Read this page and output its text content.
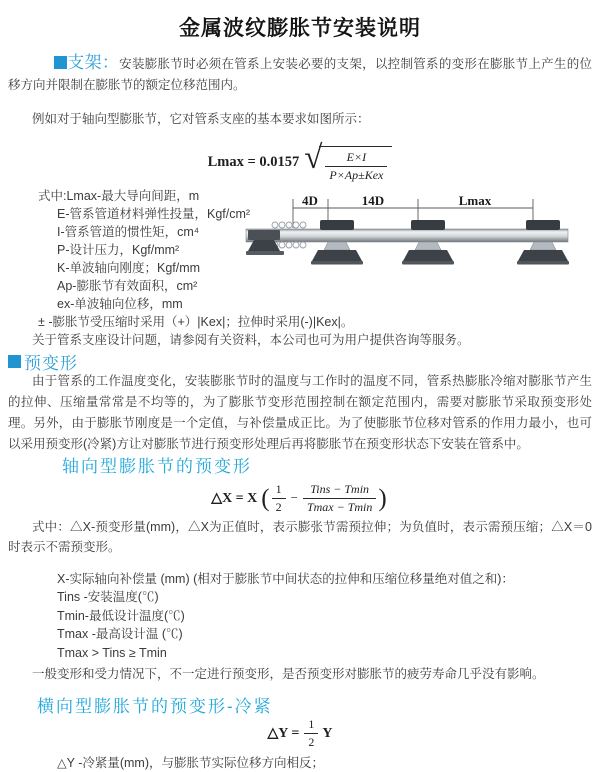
金属波纹膨胀节安装说明

支架：安装膨胀节时必须在管系上安装必要的支架，以控制管系的变形在膨胀节上产生的位移方向并限制在膨胀节的额定位移范围内。

例如对于轴向型膨胀节，它对管系支座的基本要求如图所示：

Lmax = 0.0157 √ $\frac{E\times I}{\text{P×Ap±Kex}}$
式中:Lmax-最大导向间距，m
E-管系管道材料弹性投量，Kgf/cm²
I-管系管道的惯性矩，cm⁴
P-设计压力，Kgf/mm²
K-单波轴向刚度；Kgf/mm
Ap-膨胀节有效面积，cm²
ex-单波轴向位移，mm
± -膨胀节受压缩时采用（+）|Kex|；拉伸时采用(-)|Kex|。
关于管系支座设计问题，请参阅有关资料，本公司也可为用户提供咨询等服务。
4D	14D	Lmax
预变形

由于管系的工作温度变化，安装膨胀节时的温度与工作时的温度不同，管系热膨胀冷缩对膨胀节产生的拉伸、压缩量常常是不均等的，为了膨胀节变形范围控制在额定范围内，需要对膨胀节采取预变形处理。另外，由于膨胀节刚度是一个定值，与补偿量成正比。为了使膨胀节位移对管系的作用力最小，也可以采用预变形(冷紧)方让对膨胀节进行预变形处理后再将膨胀节在预变形状态下安装在管系中。

轴向型膨胀节的预变形
△X = X ( $\frac{1}{2} - \frac{\text{Tins − Tmin}}{Tmax - Tmin}$ )

式中：△X-预变形量(mm)，△X为正值时，表示膨张节需预拉伸；为负值时，表示需预压缩；△X＝0时表示不需预变形。

X-实际轴向补偿量 (mm) (相对于膨胀节中间状态的拉伸和压缩位移量绝对值之和)：
Tins -安装温度(℃)
Tmin-最低设计温度(℃)
Tmax -最高设计温 (℃)
Tmax > Tins ≥ Tmin

一般变形和受力情况下，不一定进行预变形，是否预变形对膨胀节的疲劳寿命几乎没有影响。

横向型膨胀节的预变形-冷紧
△Y = $\frac{1}{2}$ Y
△Y -冷紧量(mm)，与膨胀节实际位移方向相反；
